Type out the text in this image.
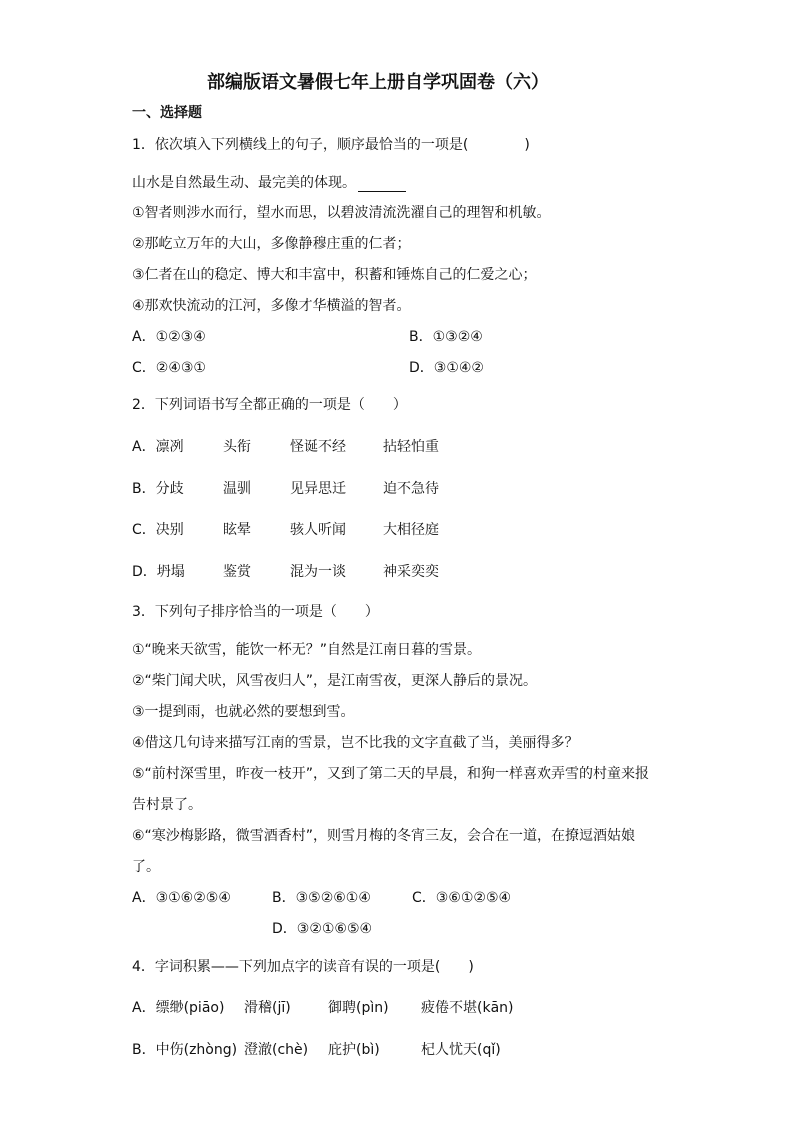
部编版语文暑假七年上册自学巩固卷（六）
一、选择题
1．依次填入下列横线上的句子，顺序最恰当的一项是(　　　　)
山水是自然最生动、最完美的体现。
①智者则涉水而行，望水而思，以碧波清流洗濯自己的理智和机敏。
②那屹立万年的大山，多像静穆庄重的仁者；
③仁者在山的稳定、博大和丰富中，积蓄和锤炼自己的仁爱之心；
④那欢快流动的江河，多像才华横溢的智者。
A．①②③④	B．①③②④
C．②④③①	D．③①④②
2．下列词语书写全都正确的一项是（　　）
A．凛冽	头衔	怪诞不经	拈轻怕重
B．分歧	温驯	见异思迁	迫不急待
C．决别	眩晕	骇人听闻	大相径庭
D．坍塌	鉴赏	混为一谈	神采奕奕
3．下列句子排序恰当的一项是（　　）
①“晚来天欲雪，能饮一杯无？”自然是江南日暮的雪景。
②“柴门闻犬吠，风雪夜归人”，是江南雪夜，更深人静后的景况。
③一提到雨，也就必然的要想到雪。
④借这几句诗来描写江南的雪景，岂不比我的文字直截了当，美丽得多？
⑤“前村深雪里，昨夜一枝开”，又到了第二天的早晨，和狗一样喜欢弄雪的村童来报
告村景了。
⑥“寒沙梅影路，微雪酒香村”，则雪月梅的冬宵三友，会合在一道，在撩逗酒姑娘
了。
A．③①⑥②⑤④	B．③⑤②⑥①④	C．③⑥①②⑤④
D．③②①⑥⑤④
4．字词积累——下列加点字的读音有误的一项是(　　)
A．缥缈(piāo) 滑稽(jī)	御聘(pìn) 疲倦不堪(kān)
B．中伤(zhòng) 澄澈(chè) 庇护(bì)	杞人忧天(qǐ)
